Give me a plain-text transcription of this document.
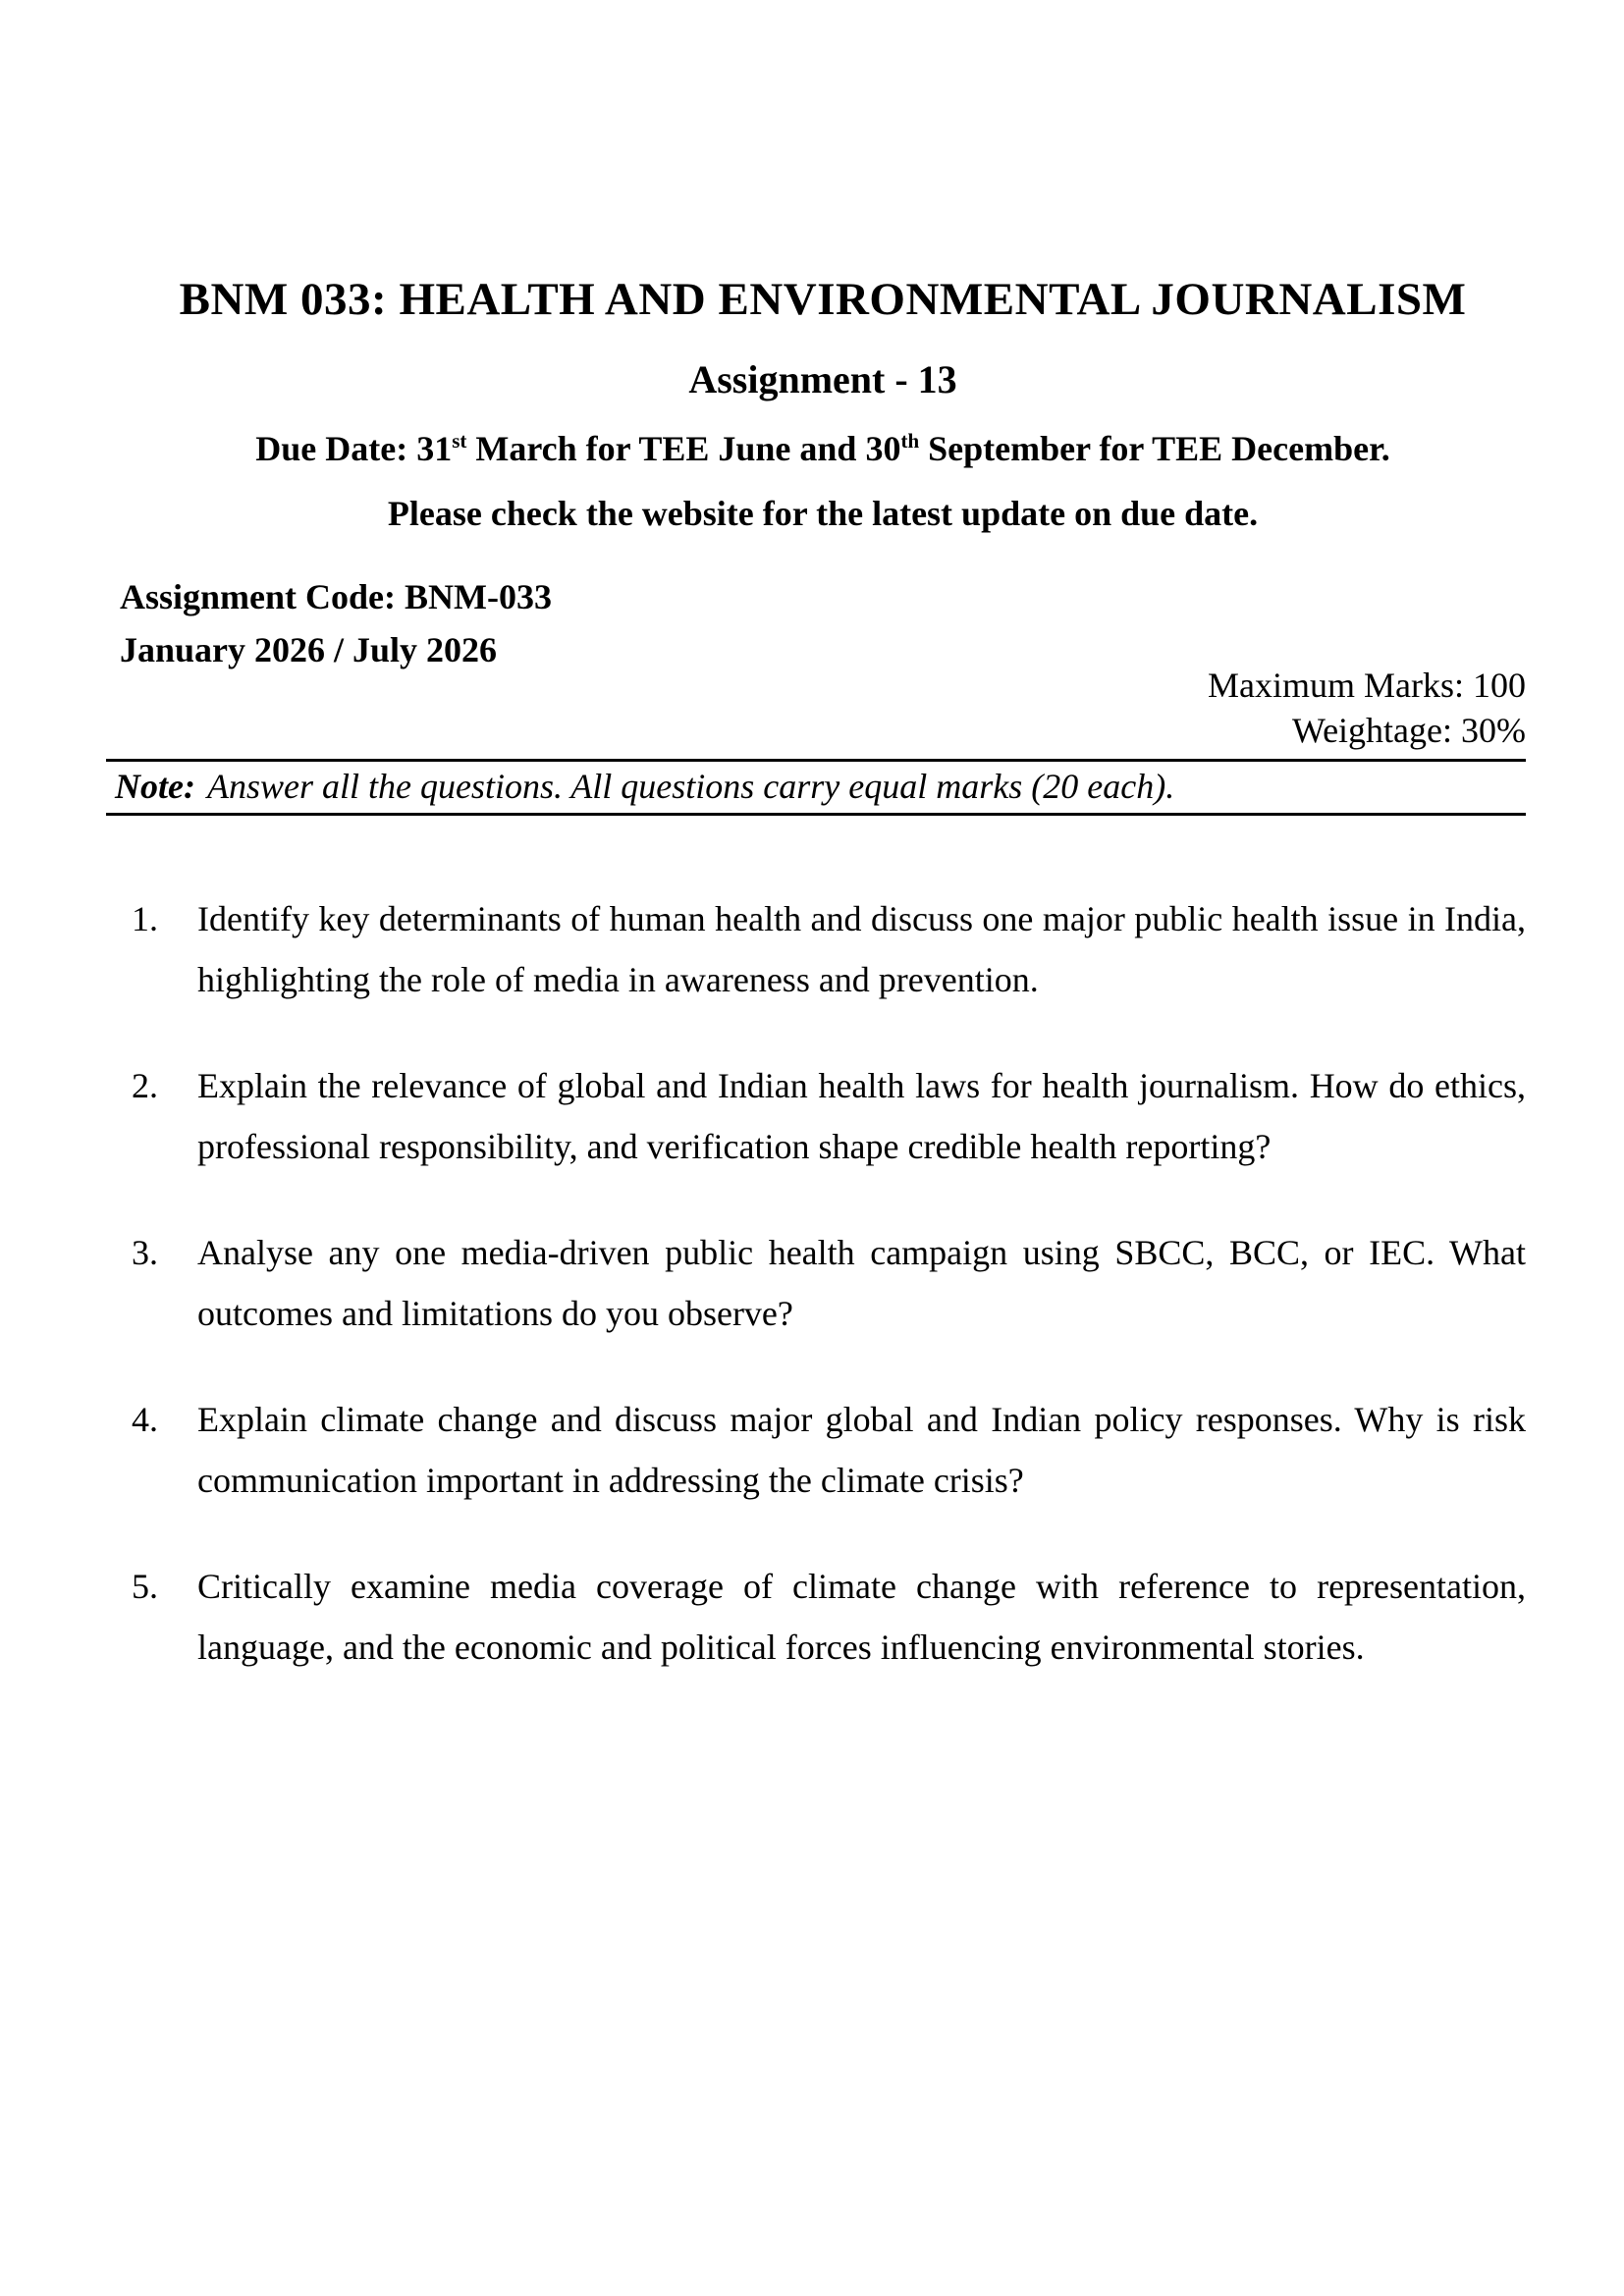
BNM 033: HEALTH AND ENVIRONMENTAL JOURNALISM
Assignment - 13

Due Date: 31st March for TEE June and 30th September for TEE December.

Please check the website for the latest update on due date.

Assignment Code: BNM-033
January 2026 / July 2026
Maximum Marks: 100
Weightage: 30%
Note: Answer all the questions. All questions carry equal marks (20 each).
1.	Identify key determinants of human health and discuss one major public health issue in India, highlighting the role of media in awareness and prevention.
2.	Explain the relevance of global and Indian health laws for health journalism. How do ethics, professional responsibility, and verification shape credible health reporting?
3.	Analyse any one media-driven public health campaign using SBCC, BCC, or IEC. What outcomes and limitations do you observe?
4.	Explain climate change and discuss major global and Indian policy responses. Why is risk communication important in addressing the climate crisis?
5.	Critically examine media coverage of climate change with reference to representation, language, and the economic and political forces influencing environmental stories.
